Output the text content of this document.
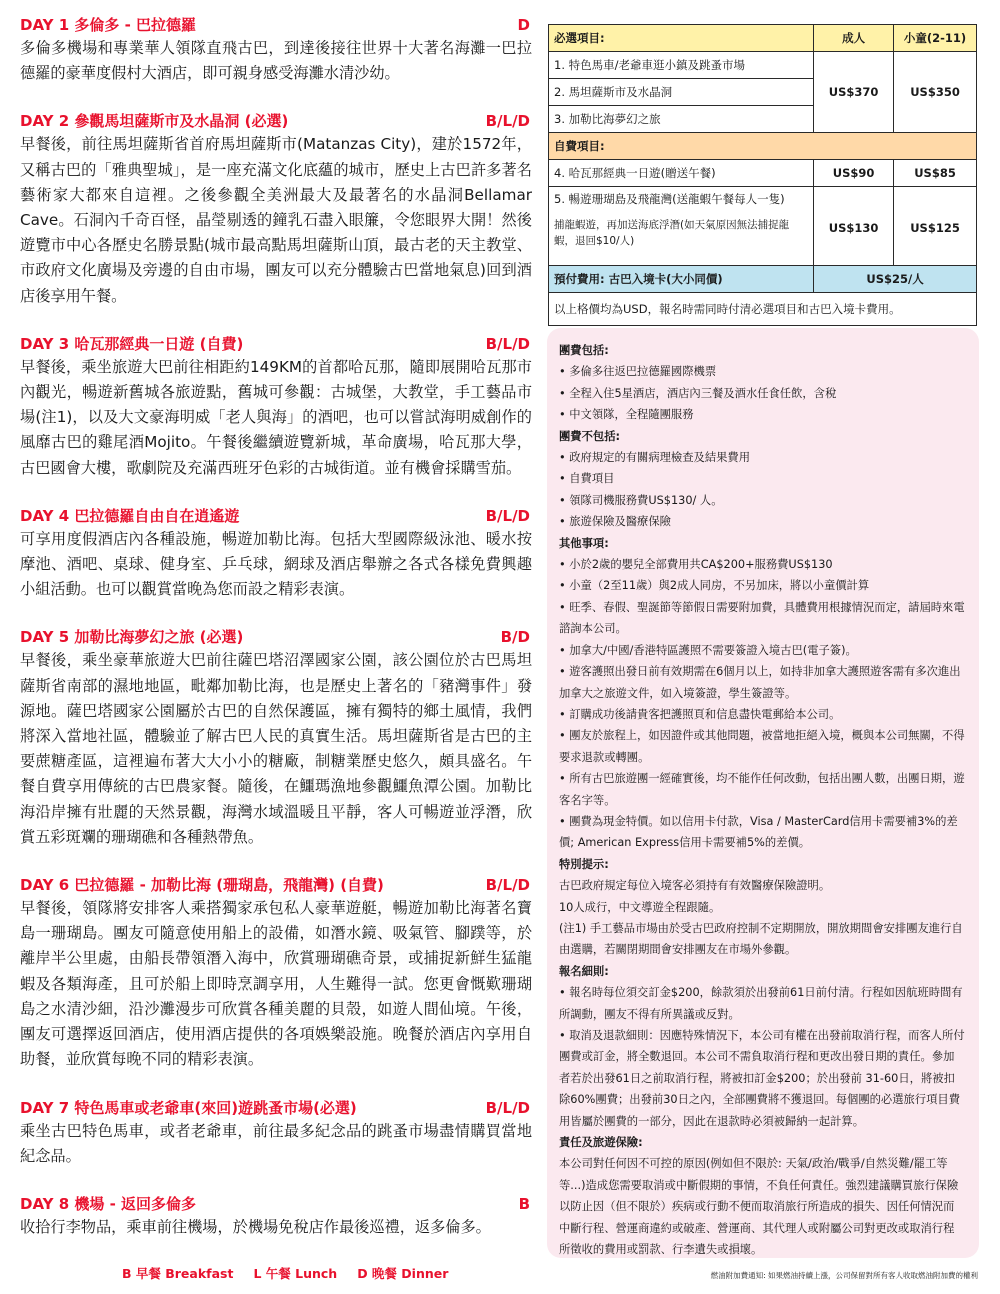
DAY 1 多倫多 - 巴拉德羅	D
多倫多機場和專業華人領隊直飛古巴，到達後接往世界十大著名海灘一巴拉德羅的豪華度假村大酒店，即可親身感受海灘水清沙幼。
DAY 2 參觀馬坦薩斯市及水晶洞 (必選)	B/L/D
早餐後，前往馬坦薩斯省首府馬坦薩斯市(Matanzas City)，建於1572年，又稱古巴的「雅典聖城」，是一座充滿文化底蘊的城市，歷史上古巴許多著名藝術家大都來自這裡。之後參觀全美洲最大及最著名的水晶洞Bellamar Cave。石洞內千奇百怪，晶瑩剔透的鐘乳石盡入眼簾，令您眼界大開！然後遊覽市中心各歷史名勝景點(城市最高點馬坦薩斯山頂，最古老的天主教堂、市政府文化廣場及旁邊的自由市場，團友可以充分體驗古巴當地氣息)回到酒店後享用午餐。
DAY 3 哈瓦那經典一日遊 (自費)	B/L/D
早餐後，乘坐旅遊大巴前往相距約149KM的首都哈瓦那，隨即展開哈瓦那市內觀光，暢遊新舊城各旅遊點，舊城可參觀：古城堡，大教堂，手工藝品市場(注1)，以及大文豪海明威「老人與海」的酒吧，也可以嘗試海明威創作的風靡古巴的雞尾酒Mojito。午餐後繼續遊覽新城，革命廣場，哈瓦那大學，古巴國會大樓，歌劇院及充滿西班牙色彩的古城街道。並有機會採購雪茄。
DAY 4 巴拉德羅自由自在逍遙遊	B/L/D
可享用度假酒店內各種設施，暢遊加勒比海。包括大型國際級泳池、暖水按摩池、酒吧、桌球、健身室、乒乓球，網球及酒店舉辦之各式各樣免費興趣小組活動。也可以觀賞當晚為您而設之精彩表演。
DAY 5 加勒比海夢幻之旅 (必選)	B/D
早餐後，乘坐豪華旅遊大巴前往薩巴塔沼澤國家公園，該公園位於古巴馬坦薩斯省南部的濕地地區，毗鄰加勒比海，也是歷史上著名的「豬灣事件」發源地。薩巴塔國家公園屬於古巴的自然保護區，擁有獨特的鄉土風情，我們將深入當地社區，體驗並了解古巴人民的真實生活。馬坦薩斯省是古巴的主要蔗糖產區，這裡遍布著大大小小的糖廠，制糖業歷史悠久，頗具盛名。午餐自費享用傳統的古巴農家餐。隨後，在鱷瑪漁地參觀鱷魚潭公園。加勒比海沿岸擁有壯麗的天然景觀，海灣水域溫暖且平靜，客人可暢遊並浮潛，欣賞五彩斑斕的珊瑚礁和各種熱帶魚。
DAY 6 巴拉德羅 - 加勒比海 (珊瑚島，飛龍灣) (自費)	B/L/D
早餐後，領隊將安排客人乘搭獨家承包私人豪華遊艇，暢遊加勒比海著名寶島一珊瑚島。團友可隨意使用船上的設備，如潛水鏡、吸氣管、腳蹼等，於離岸半公里處，由船長帶領潛入海中，欣賞珊瑚礁奇景，或捕捉新鮮生猛龍蝦及各類海產，且可於船上即時烹調享用，人生難得一試。您更會慨歎珊瑚島之水清沙細，沿沙灘漫步可欣賞各種美麗的貝殼，如遊人間仙境。午後，團友可選擇返回酒店，使用酒店提供的各項娛樂設施。晚餐於酒店內享用自助餐，並欣賞每晚不同的精彩表演。
DAY 7 特色馬車或老爺車(來回)遊跳蚤市場(必選)	B/L/D
乘坐古巴特色馬車，或者老爺車，前往最多紀念品的跳蚤市場盡情購買當地紀念品。
DAY 8 機場 - 返回多倫多	B
收拾行李物品，乘車前往機場，於機場免稅店作最後巡禮，返多倫多。
B 早餐 Breakfast L 午餐 Lunch D 晚餐 Dinner
必選項目:	成人	小童(2-11)
1. 特色馬車/老爺車逛小鎮及跳蚤市場	US$370	US$350
2. 馬坦薩斯市及水晶洞		
3. 加勒比海夢幻之旅		
自費項目:		
4. 哈瓦那經典一日遊(贈送午餐)	US$90	US$85

5. 暢遊珊瑚島及飛龍灣(送龍蝦午餐每人一隻)
捕龍蝦遊，再加送海底浮潛(如天氣原因無法捕捉龍蝦，退回$10/人)	US$130	US$125
預付費用: 古巴入境卡(大小同價)	US$25/人	
以上格價均為USD，報名時需同時付清必選項目和古巴入境卡費用。		

團費包括:

• 多倫多往返巴拉德羅國際機票

• 全程入住5星酒店，酒店內三餐及酒水任食任飲，含稅

• 中文領隊，全程隨團服務

團費不包括:

• 政府規定的有關病理檢查及結果費用

• 自費項目

• 領隊司機服務費US$130/ 人。

• 旅遊保險及醫療保險

其他事項:

• 小於2歲的嬰兒全部費用共CA$200+服務費US$130

• 小童（2至11歲）與2成人同房，不另加床，將以小童價計算

• 旺季、春假、聖誕節等節假日需要附加費，具體費用根據情況而定，請屆時來電諮詢本公司。

• 加拿大/中國/香港特區護照不需要簽證入境古巴(電子簽)。

• 遊客護照出發日前有效期需在6個月以上，如持非加拿大護照遊客需有多次進出加拿大之旅遊文件，如入境簽證，學生簽證等。

• 訂購成功後請貴客把護照頁和信息盡快電郵給本公司。

• 團友於旅程上，如因證件或其他問題，被當地拒絕入境，概與本公司無關，不得要求退款或轉團。

• 所有古巴旅遊團一經確實後，均不能作任何改動，包括出團人數，出團日期，遊客名字等。

• 團費為現金特價。如以信用卡付款，Visa / MasterCard信用卡需要補3%的差價; American Express信用卡需要補5%的差價。

特別提示:

古巴政府規定每位入境客必須持有有效醫療保險證明。

10人成行，中文導遊全程跟隨。

(注1) 手工藝品市場由於受古巴政府控制不定期開放，開放期間會安排團友進行自由選購，若關閉期間會安排團友在市場外參觀。

報名細則:

• 報名時每位須交訂金$200，餘款須於出發前61日前付清。行程如因航班時間有所調動，團友不得有所異議或反對。

• 取消及退款細則：因應特殊情況下，本公司有權在出發前取消行程，而客人所付團費或訂金，將全數退回。本公司不需負取消行程和更改出發日期的責任。參加者若於出發61日之前取消行程，將被扣訂金$200；於出發前 31-60日，將被扣除60%團費；出發前30日之內，全部團費將不獲退回。每個團的必選旅行項目費用皆屬於團費的一部分，因此在退款時必須被歸納一起計算。

責任及旅遊保險:

本公司對任何因不可控的原因(例如但不限於: 天氣/政治/戰爭/自然災難/罷工等等...)造成您需要取消或中斷假期的事情，不負任何責任。強烈建議購買旅行保險以防止因（但不限於）疾病或行動不便而取消旅行所造成的損失、因任何情況而中斷行程、營運商違約或破產、營運商、其代理人或附屬公司對更改或取消行程所徵收的費用或罰款、行李遺失或損壞。

燃油附加費通知: 如果燃油持續上漲，公司保留對所有客人收取燃油附加費的權利
